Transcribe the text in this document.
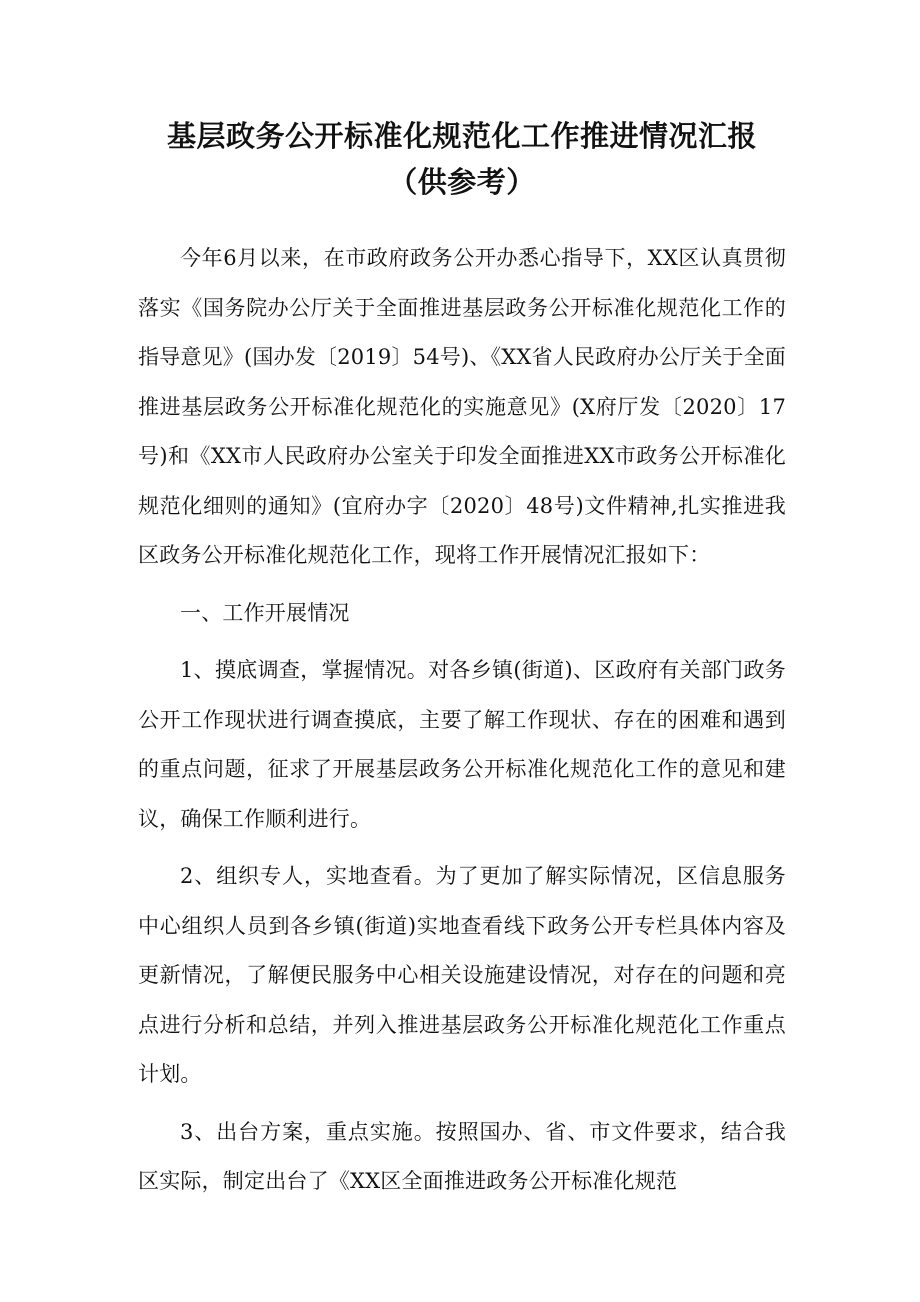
基层政务公开标准化规范化工作推进情况汇报（供参考）

今年6月以来，在市政府政务公开办悉心指导下，XX区认真贯彻落实《国务院办公厅关于全面推进基层政务公开标准化规范化工作的指导意见》(国办发〔2019〕54号)、《XX省人民政府办公厅关于全面推进基层政务公开标准化规范化的实施意见》(X府厅发〔2020〕17号)和《XX市人民政府办公室关于印发全面推进XX市政务公开标准化规范化细则的通知》(宜府办字〔2020〕48号)文件精神,扎实推进我区政务公开标准化规范化工作，现将工作开展情况汇报如下：

一、工作开展情况

1、摸底调查，掌握情况。对各乡镇(街道)、区政府有关部门政务公开工作现状进行调查摸底，主要了解工作现状、存在的困难和遇到的重点问题，征求了开展基层政务公开标准化规范化工作的意见和建议，确保工作顺利进行。

2、组织专人，实地查看。为了更加了解实际情况，区信息服务中心组织人员到各乡镇(街道)实地查看线下政务公开专栏具体内容及更新情况，了解便民服务中心相关设施建设情况，对存在的问题和亮点进行分析和总结，并列入推进基层政务公开标准化规范化工作重点计划。

3、出台方案，重点实施。按照国办、省、市文件要求，结合我区实际，制定出台了《XX区全面推进政务公开标准化规范
